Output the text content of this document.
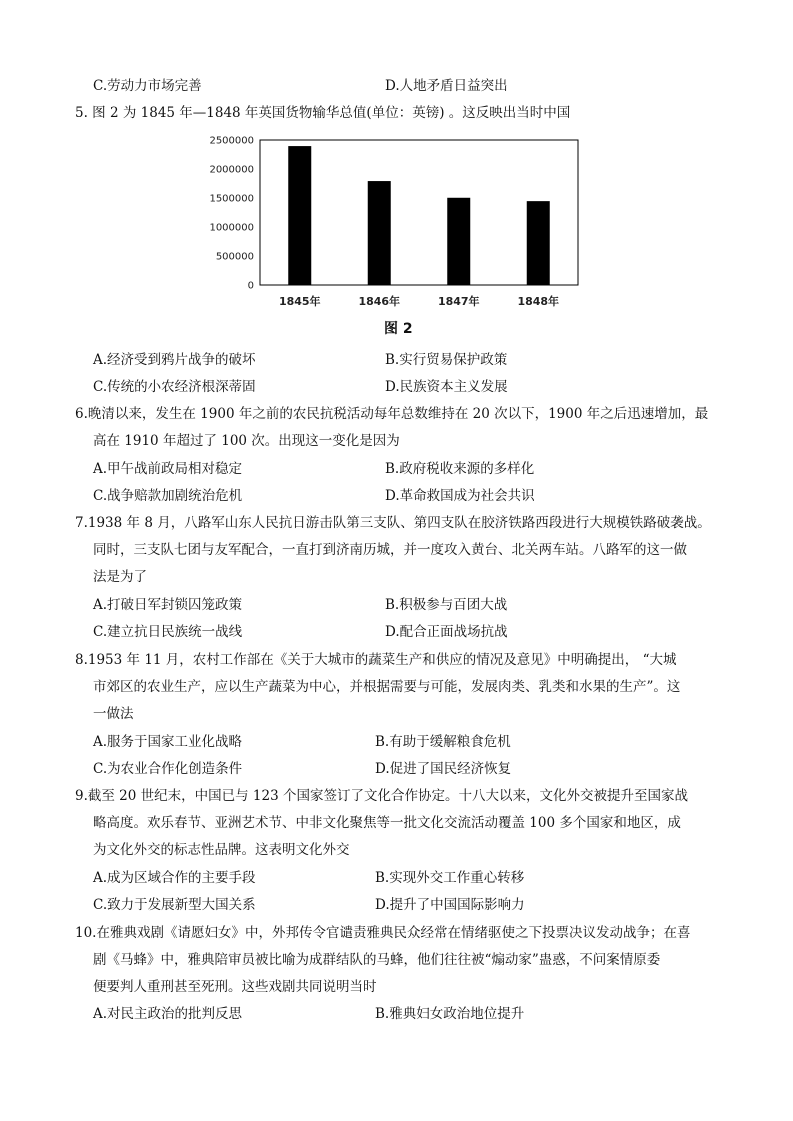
C.劳动力市场完善	D.人地矛盾日益突出
5. 图 2 为 1845 年—1848 年英国货物输华总值(单位：英镑) 。这反映出当时中国
0
500000
1000000
1500000
2000000
2500000
1845年	1846年	1847年	1848年
图 2
A.经济受到鸦片战争的破坏	B.实行贸易保护政策
C.传统的小农经济根深蒂固	D.民族资本主义发展
6.晚清以来，发生在 1900 年之前的农民抗税活动每年总数维持在 20 次以下，1900 年之后迅速增加，最
高在 1910 年超过了 100 次。出现这一变化是因为
A.甲午战前政局相对稳定	B.政府税收来源的多样化
C.战争赔款加剧统治危机	D.革命救国成为社会共识
7.1938 年 8 月，八路军山东人民抗日游击队第三支队、第四支队在胶济铁路西段进行大规模铁路破袭战。
同时，三支队七团与友军配合，一直打到济南历城，并一度攻入黄台、北关两车站。八路军的这一做
法是为了
A.打破日军封锁囚笼政策	B.积极参与百团大战
C.建立抗日民族统一战线	D.配合正面战场抗战
8.1953 年 11 月，农村工作部在《关于大城市的蔬菜生产和供应的情况及意见》中明确提出， “大城
市郊区的农业生产，应以生产蔬菜为中心，并根据需要与可能，发展肉类、乳类和水果的生产”。这
一做法
A.服务于国家工业化战略	B.有助于缓解粮食危机
C.为农业合作化创造条件	D.促进了国民经济恢复
9.截至 20 世纪末，中国已与 123 个国家签订了文化合作协定。十八大以来，文化外交被提升至国家战
略高度。欢乐春节、亚洲艺术节、中非文化聚焦等一批文化交流活动覆盖 100 多个国家和地区，成
为文化外交的标志性品牌。这表明文化外交
A.成为区域合作的主要手段	B.实现外交工作重心转移
C.致力于发展新型大国关系	D.提升了中国国际影响力
10.在雅典戏剧《请愿妇女》中，外邦传令官谴责雅典民众经常在情绪驱使之下投票决议发动战争；在喜
剧《马蜂》中，雅典陪审员被比喻为成群结队的马蜂，他们往往被“煽动家”蛊惑，不问案情原委
便要判人重刑甚至死刑。这些戏剧共同说明当时
A.对民主政治的批判反思	B.雅典妇女政治地位提升
